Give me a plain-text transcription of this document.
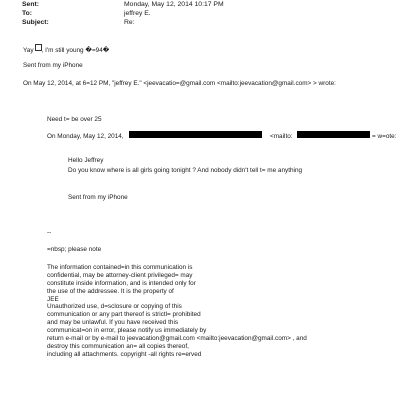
Sent:	Monday, May 12, 2014 10:17 PM
To:	jeffrey E.
Subject:	Re:
Yay , I'm still young �=94�
Sent from my iPhone
On May 12, 2014, at 6=12 PM, "jeffrey E." <jeevacatio=@gmail.com <mailto:jeevacation@gmail.com> > wrote:
Need t= be over 25
On Monday, May 12, 2014,	<mailto:	= w=ote:
Hello Jeffrey
Do you know where is all girls going tonight ? And nobody didn't tell t= me anything
Sent from my iPhone
--
=nbsp; please note
The information contained=in this communication is
confidential, may be attorney-client privileged= may
constitute inside information, and is intended only for
the use of the addressee. It is the property of
JEE
Unauthorized use, d=sclosure or copying of this
communication or any part thereof is strictl= prohibited
and may be unlawful. If you have received this
communicat=on in error, please notify us immediately by
return e-mail or by e-mail to jeevacation@gmail.com <mailto:jeevacation@gmail.com> , and
destroy this communication an= all copies thereof,
including all attachments. copyright -all rights re=erved
